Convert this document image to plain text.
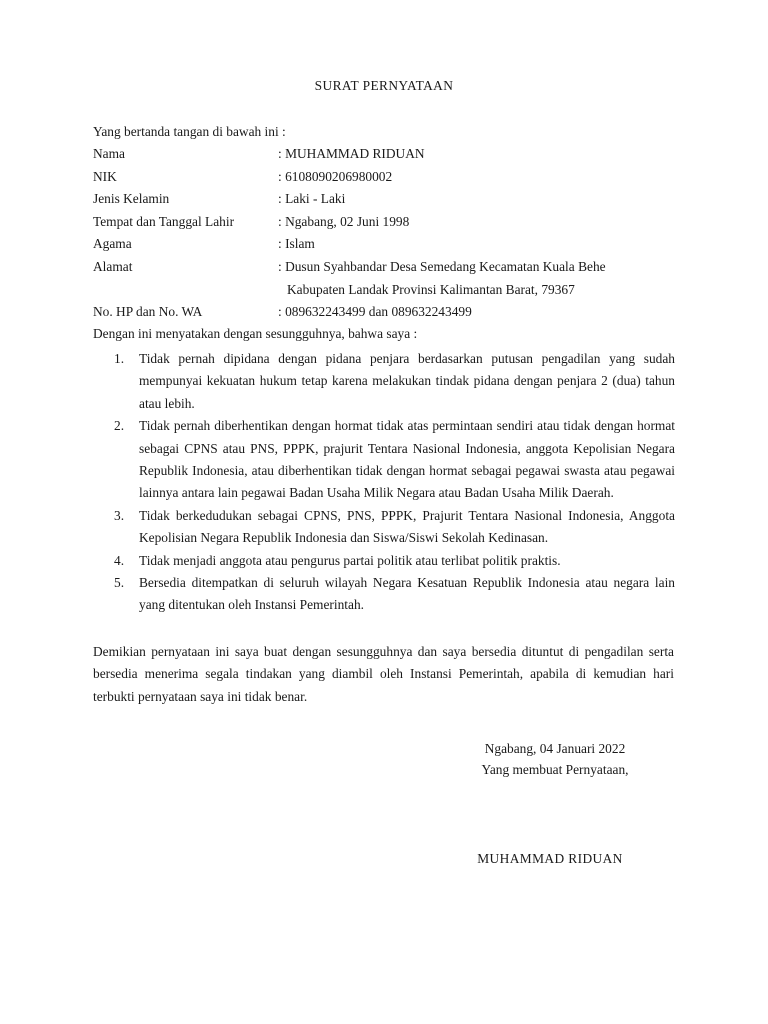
SURAT PERNYATAAN
Yang bertanda tangan di bawah ini :
Nama	: MUHAMMAD RIDUAN
NIK	: 6108090206980002
Jenis Kelamin	: Laki - Laki
Tempat dan Tanggal Lahir	: Ngabang, 02 Juni 1998
Agama	: Islam
Alamat	: Dusun Syahbandar Desa Semedang Kecamatan Kuala Behe
Kabupaten Landak Provinsi Kalimantan Barat, 79367
No. HP dan No. WA	: 089632243499 dan 089632243499
Dengan ini menyatakan dengan sesungguhnya, bahwa saya :
1. Tidak pernah dipidana dengan pidana penjara berdasarkan putusan pengadilan yang sudah mempunyai kekuatan hukum tetap karena melakukan tindak pidana dengan penjara 2 (dua) tahun atau lebih.
2. Tidak pernah diberhentikan dengan hormat tidak atas permintaan sendiri atau tidak dengan hormat sebagai CPNS atau PNS, PPPK, prajurit Tentara Nasional Indonesia, anggota Kepolisian Negara Republik Indonesia, atau diberhentikan tidak dengan hormat sebagai pegawai swasta atau pegawai lainnya antara lain pegawai Badan Usaha Milik Negara atau Badan Usaha Milik Daerah.
3. Tidak berkedudukan sebagai CPNS, PNS, PPPK, Prajurit Tentara Nasional Indonesia, Anggota Kepolisian Negara Republik Indonesia dan Siswa/Siswi Sekolah Kedinasan.
4. Tidak menjadi anggota atau pengurus partai politik atau terlibat politik praktis.
5. Bersedia ditempatkan di seluruh wilayah Negara Kesatuan Republik Indonesia atau negara lain yang ditentukan oleh Instansi Pemerintah.
Demikian pernyataan ini saya buat dengan sesungguhnya dan saya bersedia dituntut di pengadilan serta bersedia menerima segala tindakan yang diambil oleh Instansi Pemerintah, apabila di kemudian hari terbukti pernyataan saya ini tidak benar.
Ngabang, 04 Januari 2022
Yang membuat Pernyataan,
MUHAMMAD RIDUAN
